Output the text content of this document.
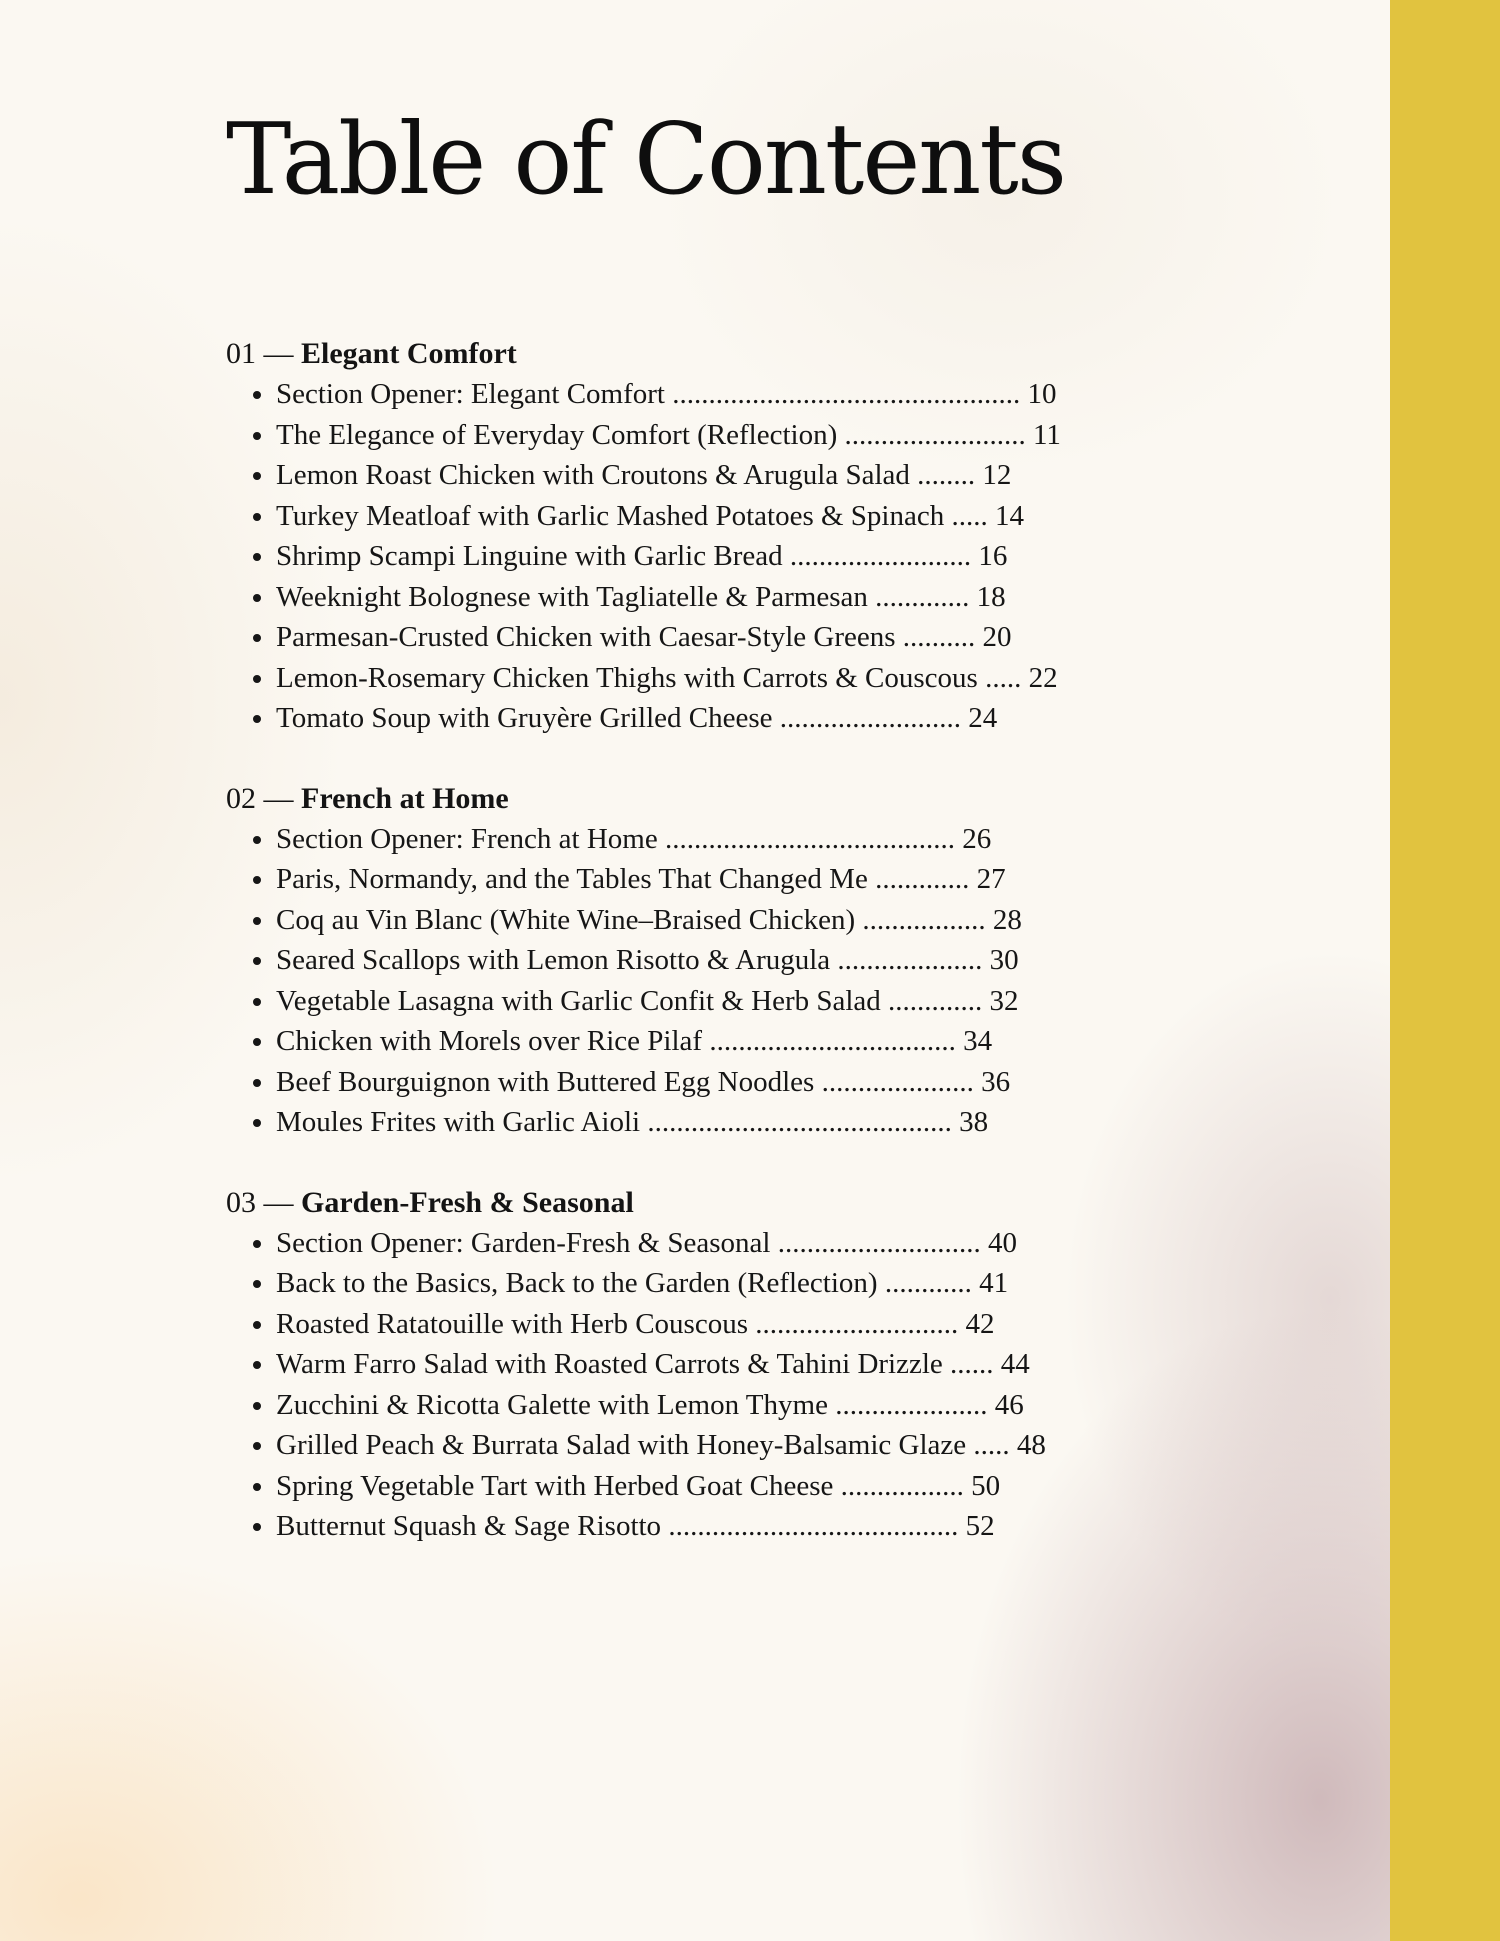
Table of Contents

01 — Elegant Comfort

• Section Opener: Elegant Comfort ................................................ 10
• The Elegance of Everyday Comfort (Reflection) ......................... 11
• Lemon Roast Chicken with Croutons & Arugula Salad ........ 12
• Turkey Meatloaf with Garlic Mashed Potatoes & Spinach ..... 14
• Shrimp Scampi Linguine with Garlic Bread ......................... 16
• Weeknight Bolognese with Tagliatelle & Parmesan ............. 18
• Parmesan-Crusted Chicken with Caesar-Style Greens .......... 20
• Lemon-Rosemary Chicken Thighs with Carrots & Couscous ..... 22
• Tomato Soup with Gruyère Grilled Cheese ......................... 24

02 — French at Home

• Section Opener: French at Home ........................................ 26
• Paris, Normandy, and the Tables That Changed Me ............. 27
• Coq au Vin Blanc (White Wine–Braised Chicken) ................. 28
• Seared Scallops with Lemon Risotto & Arugula .................... 30
• Vegetable Lasagna with Garlic Confit & Herb Salad ............. 32
• Chicken with Morels over Rice Pilaf .................................. 34
• Beef Bourguignon with Buttered Egg Noodles ..................... 36
• Moules Frites with Garlic Aioli .......................................... 38

03 — Garden-Fresh & Seasonal

• Section Opener: Garden-Fresh & Seasonal ............................ 40
• Back to the Basics, Back to the Garden (Reflection) ............ 41
• Roasted Ratatouille with Herb Couscous ............................ 42
• Warm Farro Salad with Roasted Carrots & Tahini Drizzle ...... 44
• Zucchini & Ricotta Galette with Lemon Thyme ..................... 46
• Grilled Peach & Burrata Salad with Honey-Balsamic Glaze ..... 48
• Spring Vegetable Tart with Herbed Goat Cheese ................. 50
• Butternut Squash & Sage Risotto ........................................ 52
